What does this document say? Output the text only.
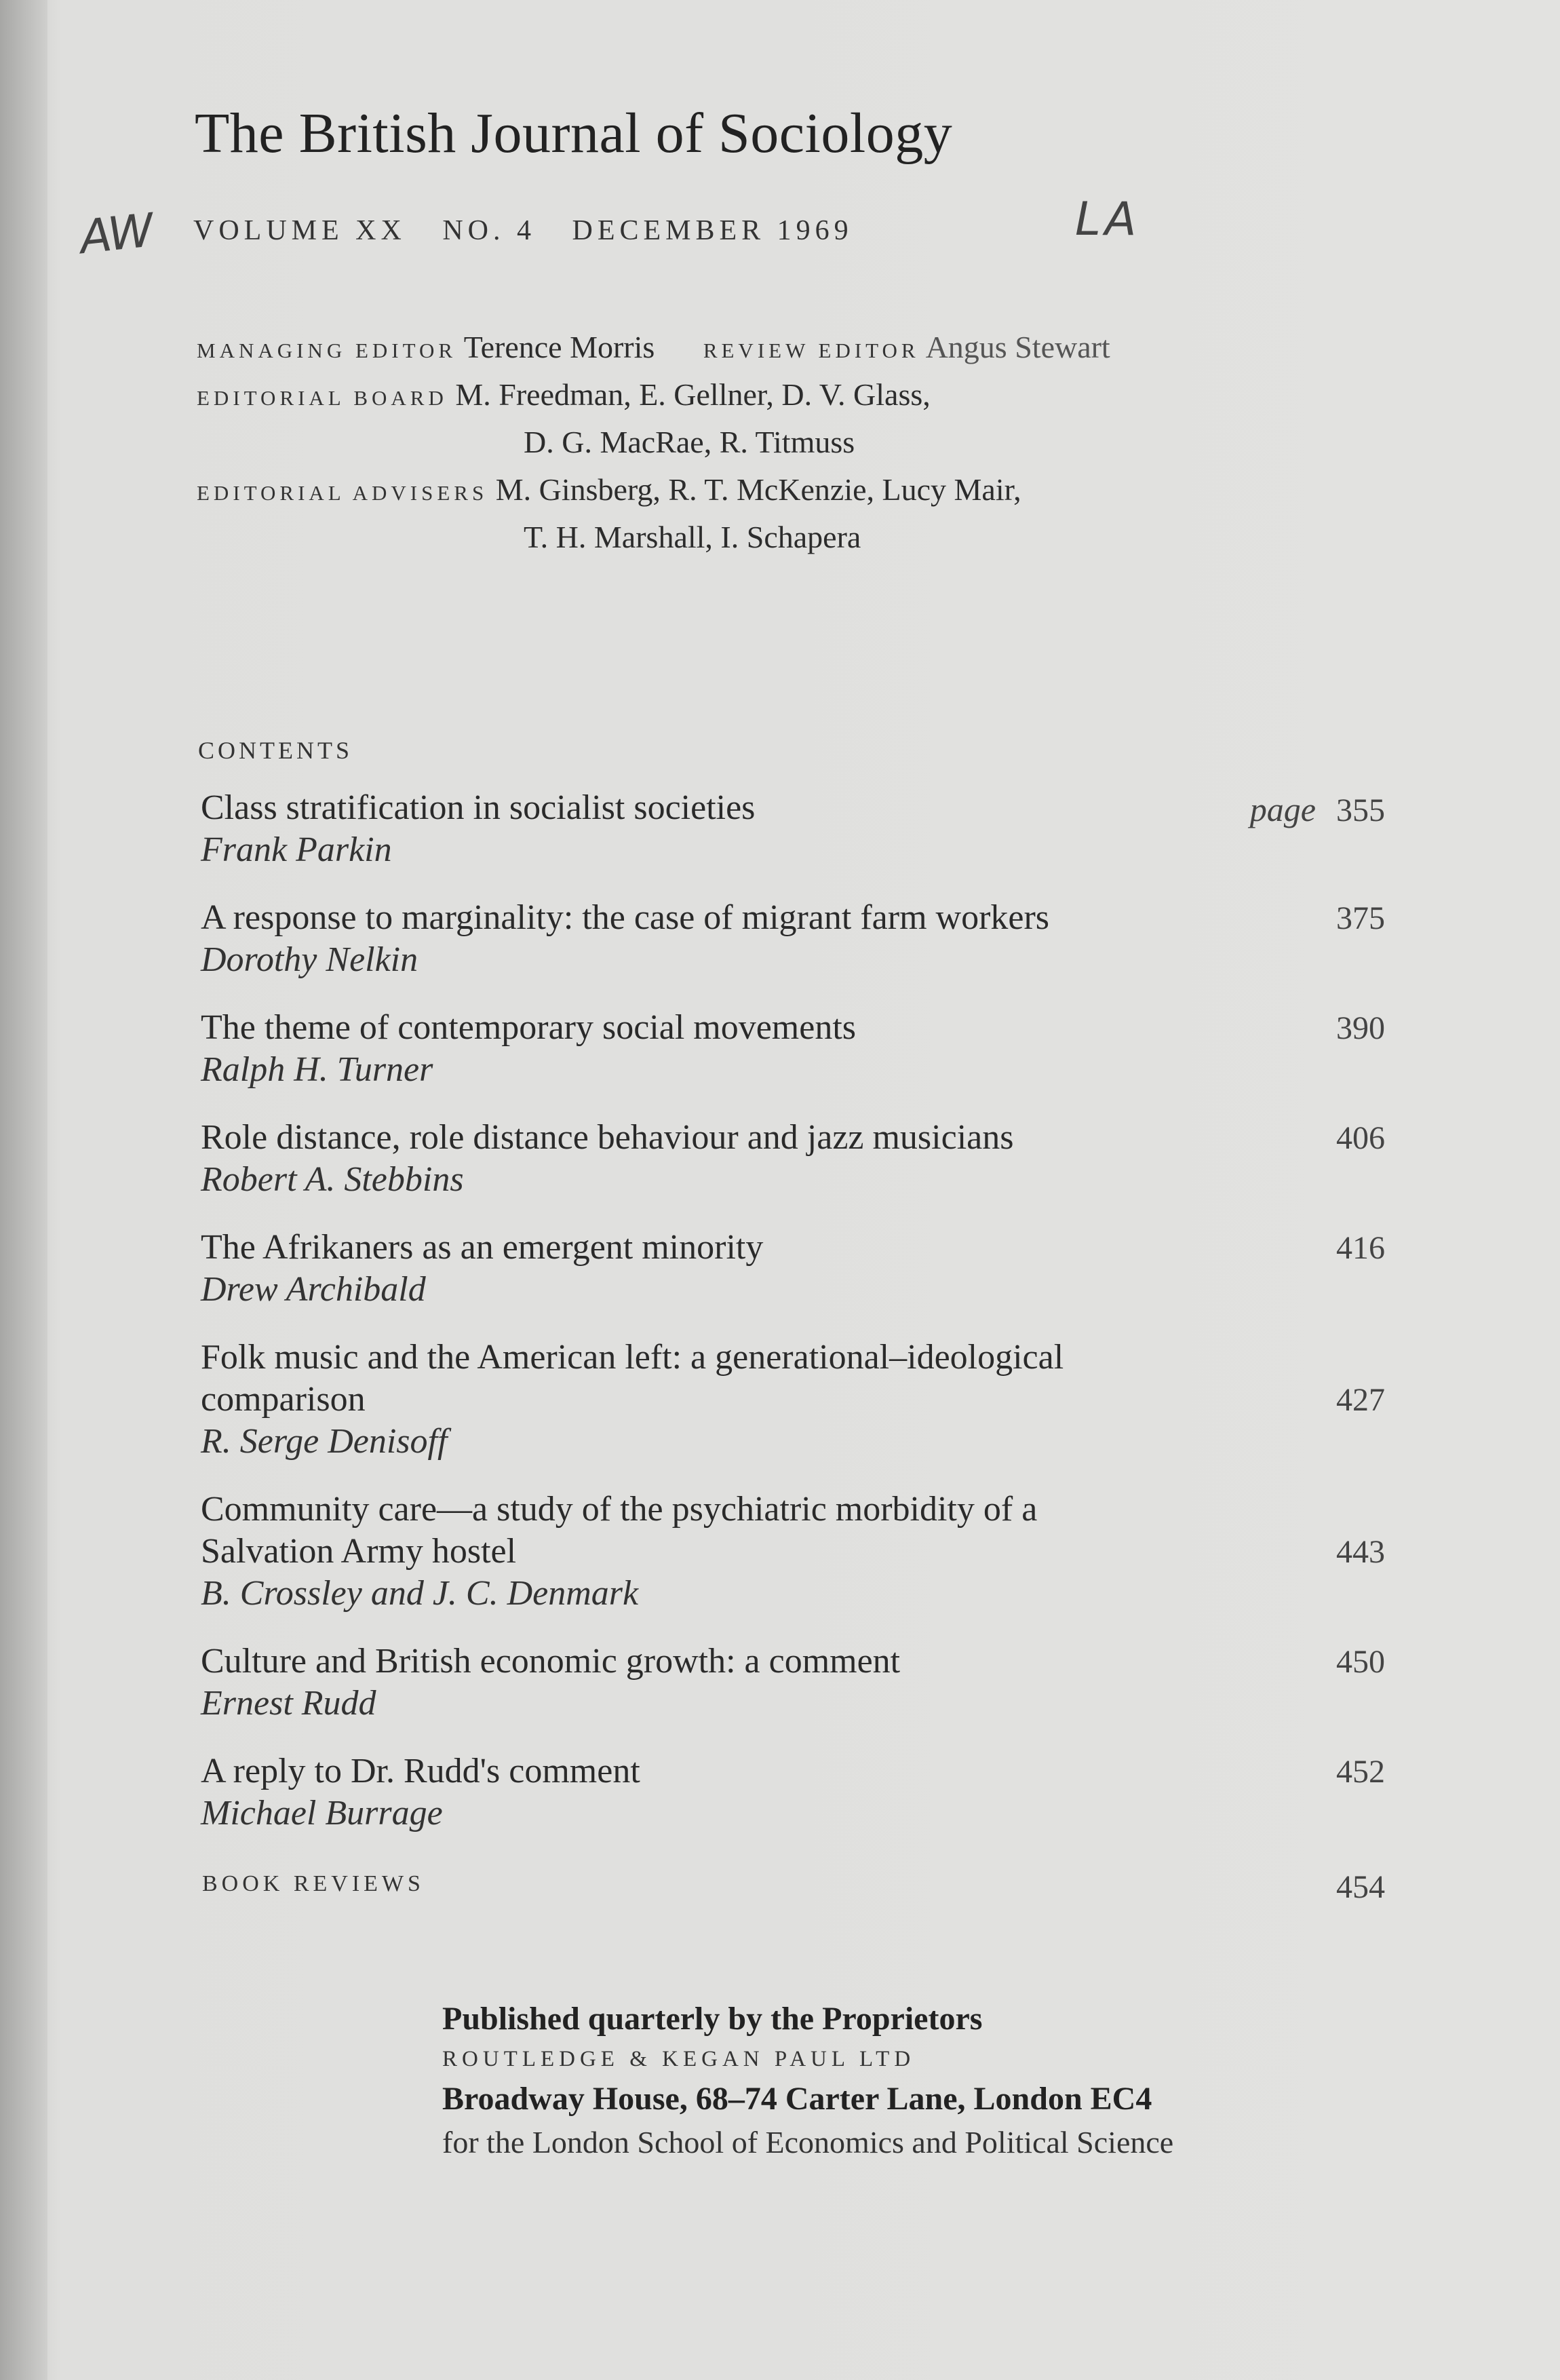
The British Journal of Sociology
AW VOLUME XX NO. 4 DECEMBER 1969	LA
MANAGING EDITOR Terence Morris REVIEW EDITOR Angus Stewart
EDITORIAL BOARD M. Freedman, E. Gellner, D. V. Glass,
D. G. MacRae, R. Titmuss
EDITORIAL ADVISERS M. Ginsberg, R. T. McKenzie, Lucy Mair,
T. H. Marshall, I. Schapera
CONTENTS
Class stratification in socialist societies
Frank Parkin
page 355
A response to marginality: the case of migrant farm workers
Dorothy Nelkin
375
The theme of contemporary social movements
Ralph H. Turner
390
Role distance, role distance behaviour and jazz musicians
Robert A. Stebbins
406
The Afrikaners as an emergent minority
Drew Archibald
416
Folk music and the American left: a generational–ideological
comparison
R. Serge Denisoff
427
Community care—a study of the psychiatric morbidity of a
Salvation Army hostel
B. Crossley and J. C. Denmark
443
Culture and British economic growth: a comment
Ernest Rudd
450
A reply to Dr. Rudd's comment
Michael Burrage
452
BOOK REVIEWS	454
Published quarterly by the Proprietors
ROUTLEDGE & KEGAN PAUL LTD
Broadway House, 68–74 Carter Lane, London EC4
for the London School of Economics and Political Science
